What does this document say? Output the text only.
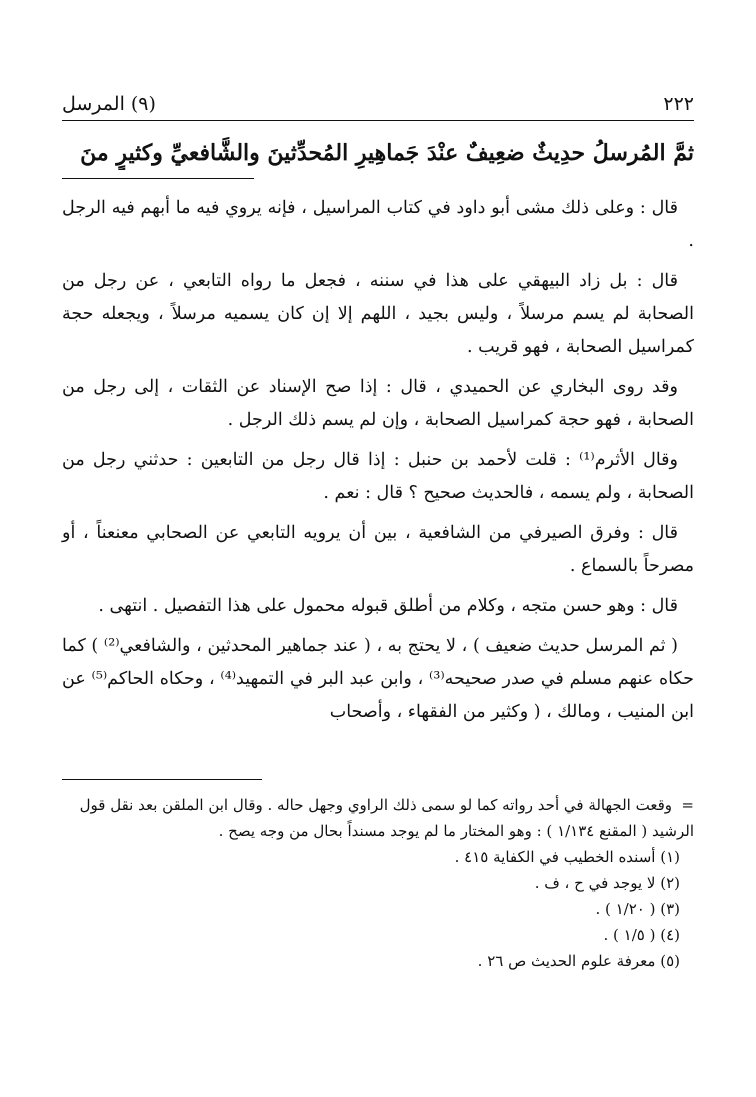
٢٢٢
(٩) المرسل
ثمَّ المُرسلُ حدِيثٌ ضعِيفٌ عنْدَ جَماهِيرِ المُحدِّثينَ والشَّافعيِّ وكثيرٍ منَ

قال : وعلى ذلك مشى أبو داود في كتاب المراسيل ، فإنه يروي فيه ما أبهم فيه الرجل .

قال : بل زاد البيهقي على هذا في سننه ، فجعل ما رواه التابعي ، عن رجل من الصحابة لم يسم مرسلاً ، وليس بجيد ، اللهم إلا إن كان يسميه مرسلاً ، ويجعله حجة كمراسيل الصحابة ، فهو قريب .

وقد روى البخاري عن الحميدي ، قال : إذا صح الإسناد عن الثقات ، إلى رجل من الصحابة ، فهو حجة كمراسيل الصحابة ، وإن لم يسم ذلك الرجل .

وقال الأثرم⁽¹⁾ : قلت لأحمد بن حنبل : إذا قال رجل من التابعين : حدثني رجل من الصحابة ، ولم يسمه ، فالحديث صحيح ؟ قال : نعم .

قال : وفرق الصيرفي من الشافعية ، بين أن يرويه التابعي عن الصحابي معنعناً ، أو مصرحاً بالسماع .

قال : وهو حسن متجه ، وكلام من أطلق قبوله محمول على هذا التفصيل . انتهى .

( ثم المرسل حديث ضعيف ) ، لا يحتج به ، ( عند جماهير المحدثين ، والشافعي⁽²⁾ ) كما حكاه عنهم مسلم في صدر صحيحه⁽³⁾ ، وابن عبد البر في التمهيد⁽⁴⁾ ، وحكاه الحاكم⁽⁵⁾ عن ابن المنيب ، ومالك ، ( وكثير من الفقهاء ، وأصحاب

=وقعت الجهالة في أحد رواته كما لو سمى ذلك الراوي وجهل حاله . وقال ابن الملقن بعد نقل قول الرشيد ( المقنع ١/١٣٤ ) : وهو المختار ما لم يوجد مسنداً بحال من وجه يصح .

(١) أسنده الخطيب في الكفاية ٤١٥ .

(٢) لا يوجد في ح ، ف .

(٣) ( ١/٢٠ ) .

(٤) ( ١/٥ ) .

(٥) معرفة علوم الحديث ص ٢٦ .
